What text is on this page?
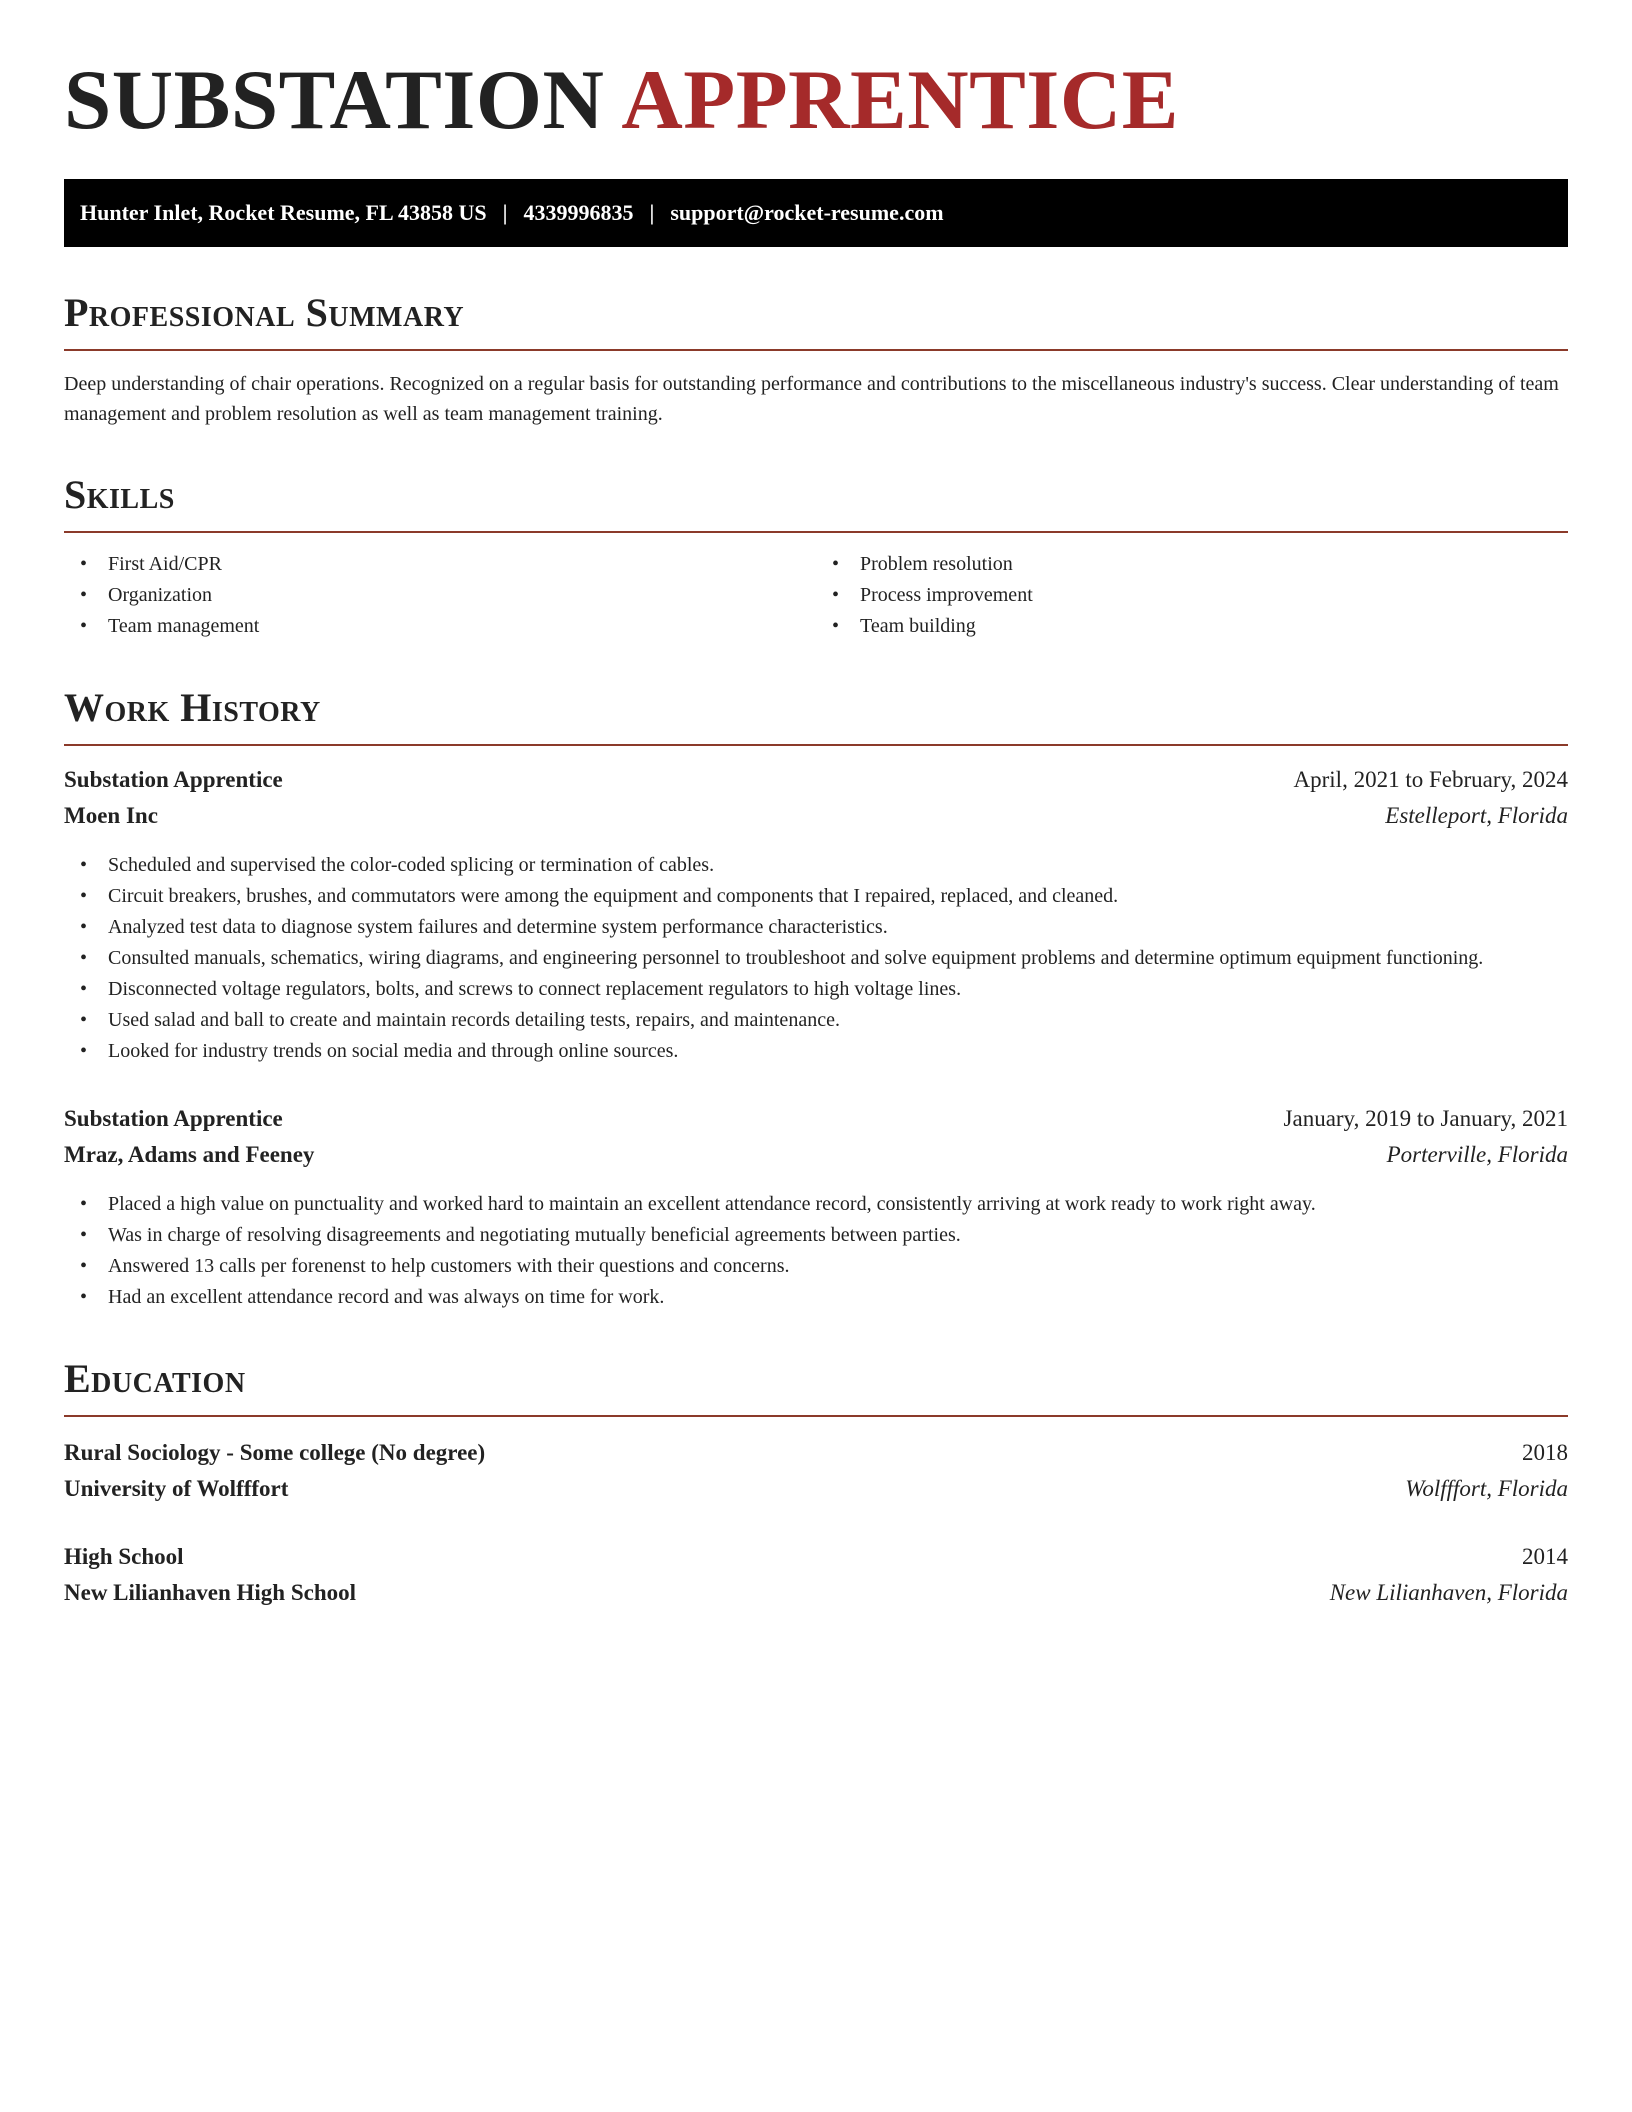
SUBSTATION APPRENTICE
Hunter Inlet, Rocket Resume, FL 43858 US | 4339996835 | support@rocket-resume.com
Professional Summary

Deep understanding of chair operations. Recognized on a regular basis for outstanding performance and contributions to the miscellaneous industry's success. Clear understanding of team management and problem resolution as well as team management training.

Skills
• First Aid/CPR
• Organization
• Team management
• Problem resolution
• Process improvement
• Team building
Work History
Substation Apprentice	April, 2021 to February, 2024
Moen Inc	Estelleport, Florida
• Scheduled and supervised the color-coded splicing or termination of cables.
• Circuit breakers, brushes, and commutators were among the equipment and components that I repaired, replaced, and cleaned.
• Analyzed test data to diagnose system failures and determine system performance characteristics.
• Consulted manuals, schematics, wiring diagrams, and engineering personnel to troubleshoot and solve equipment problems and determine optimum equipment functioning.
• Disconnected voltage regulators, bolts, and screws to connect replacement regulators to high voltage lines.
• Used salad and ball to create and maintain records detailing tests, repairs, and maintenance.
• Looked for industry trends on social media and through online sources.
Substation Apprentice	January, 2019 to January, 2021
Mraz, Adams and Feeney	Porterville, Florida
• Placed a high value on punctuality and worked hard to maintain an excellent attendance record, consistently arriving at work ready to work right away.
• Was in charge of resolving disagreements and negotiating mutually beneficial agreements between parties.
• Answered 13 calls per forenenst to help customers with their questions and concerns.
• Had an excellent attendance record and was always on time for work.
Education
Rural Sociology - Some college (No degree)	2018
University of Wolfffort	Wolfffort, Florida
High School	2014
New Lilianhaven High School	New Lilianhaven, Florida
